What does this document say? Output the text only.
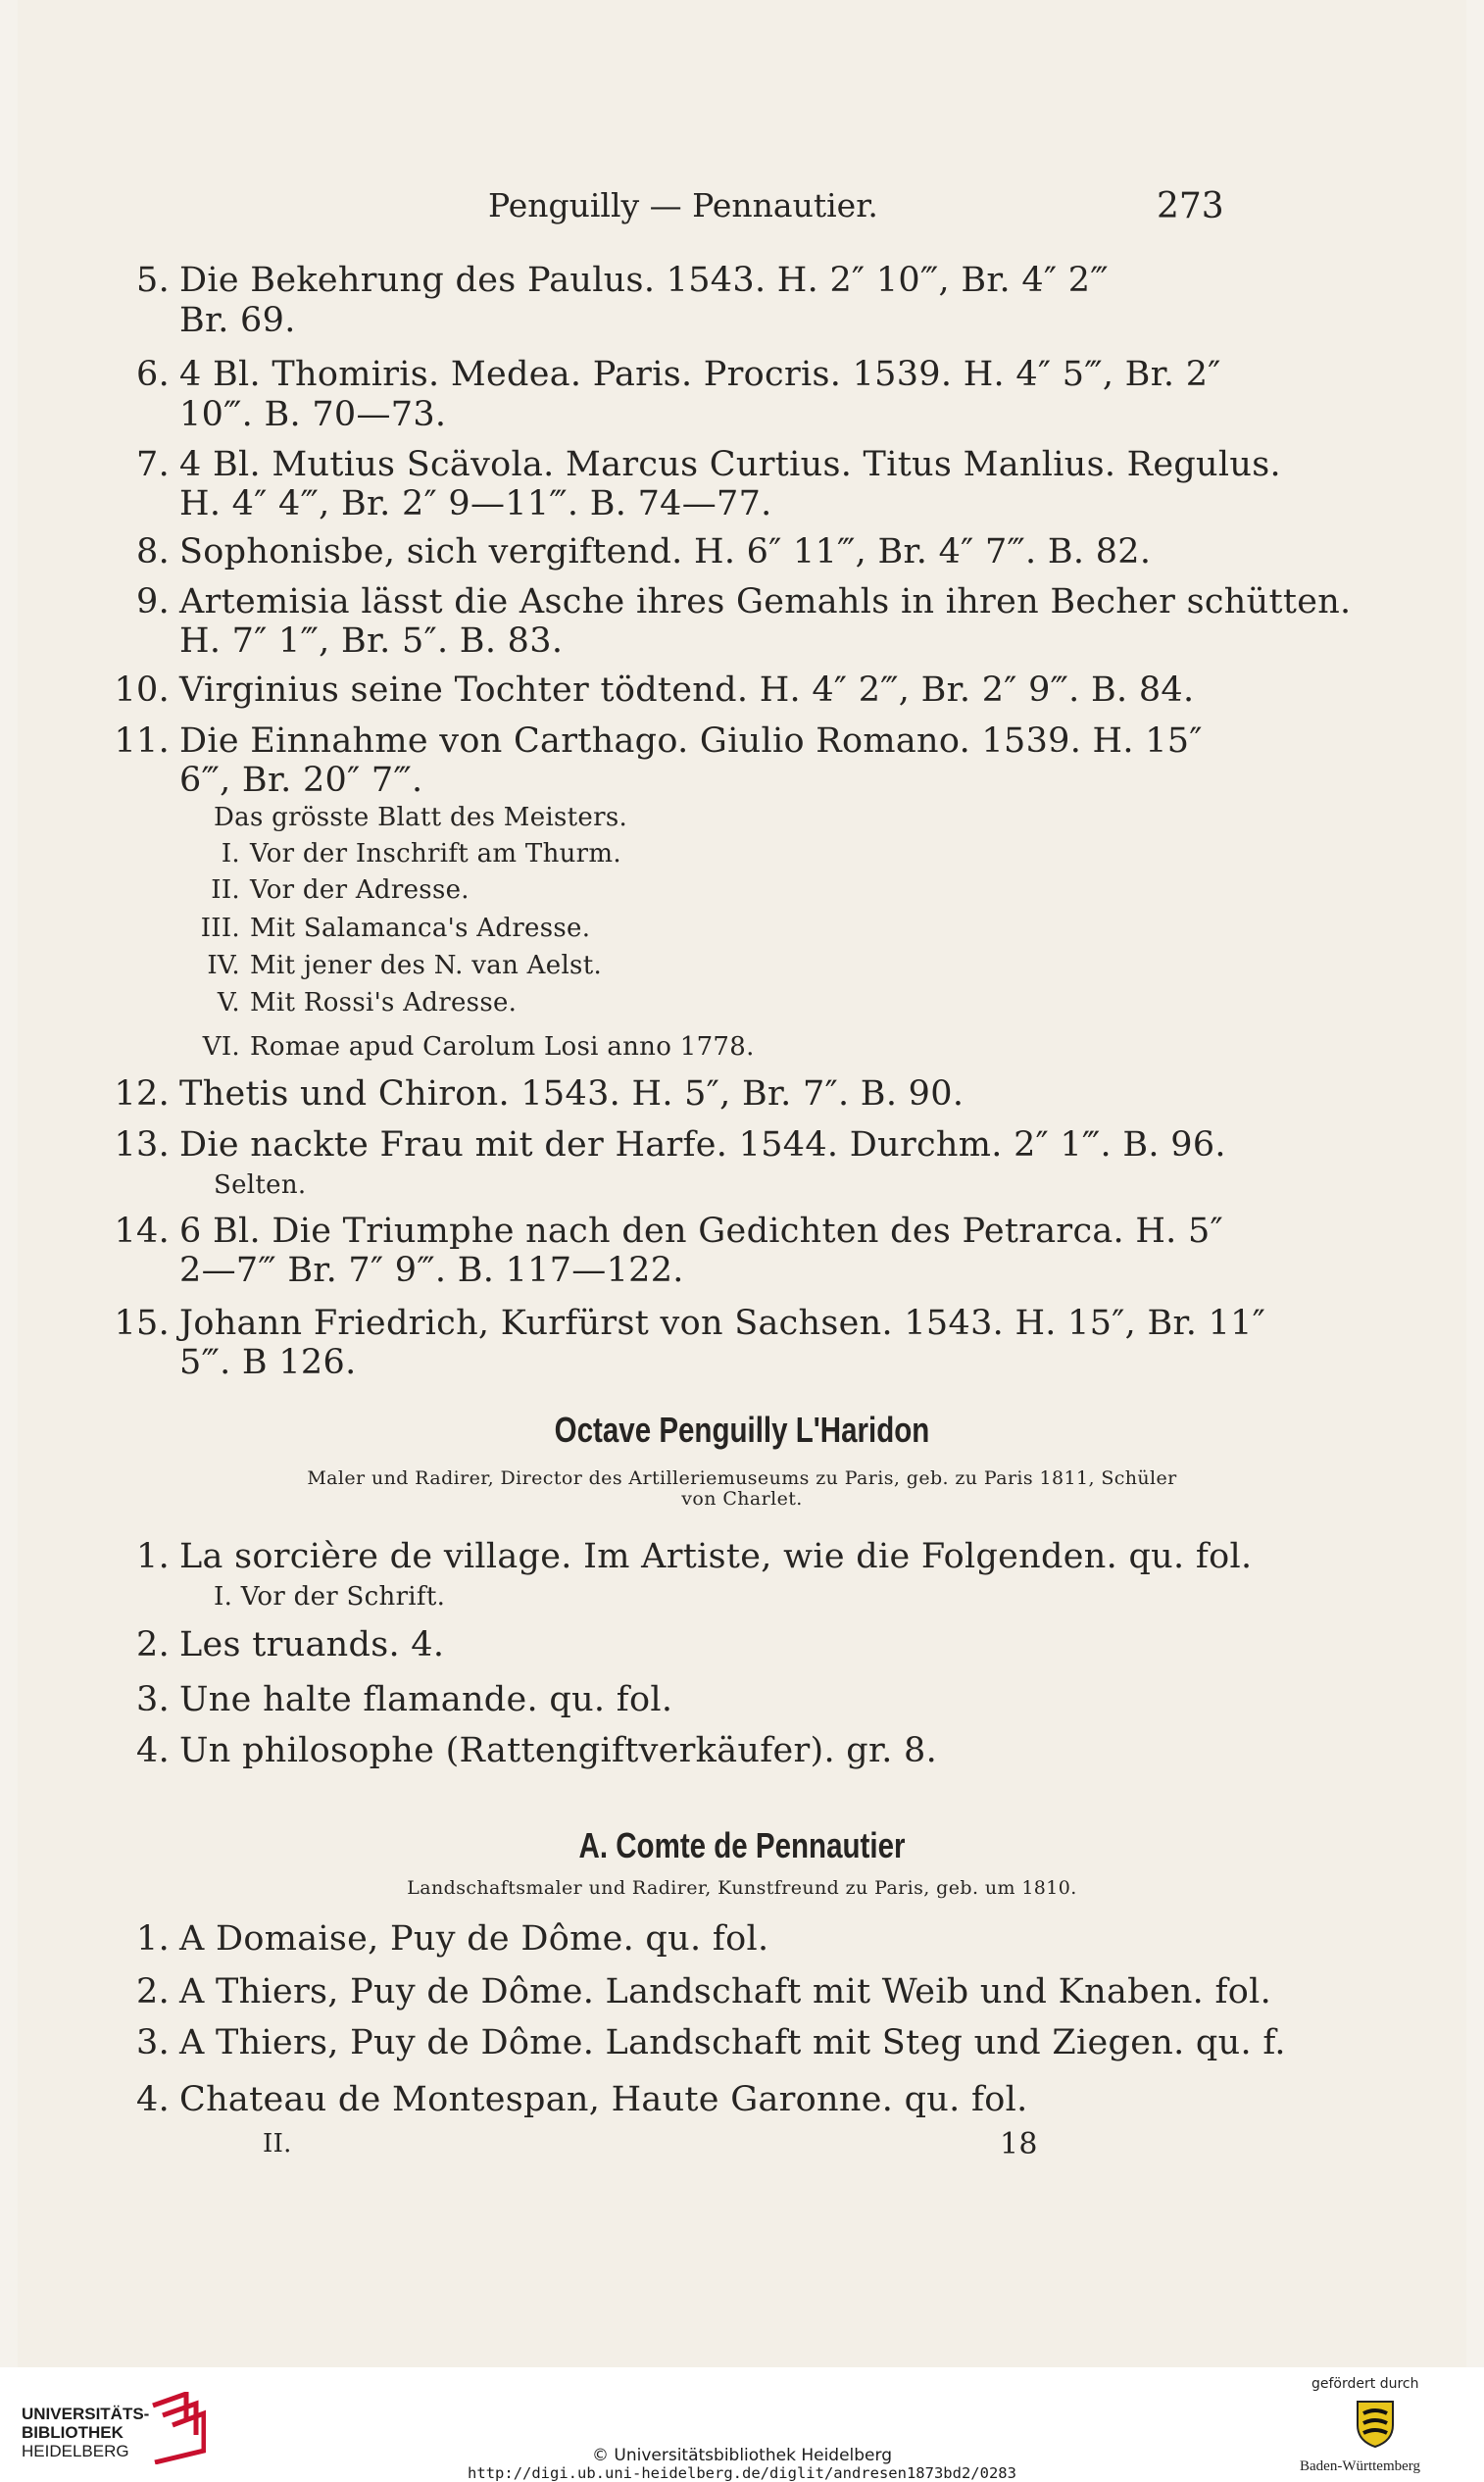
Penguilly — Pennautier.	273
5. Die Bekehrung des Paulus. 1543. H. 2″ 10‴, Br. 4″ 2‴
Br. 69.
6. 4 Bl. Thomiris. Medea. Paris. Procris. 1539. H. 4″ 5‴, Br. 2″
10‴. B. 70—73.
7. 4 Bl. Mutius Scävola. Marcus Curtius. Titus Manlius. Regulus.
H. 4″ 4‴, Br. 2″ 9—11‴. B. 74—77.
8. Sophonisbe, sich vergiftend. H. 6″ 11‴, Br. 4″ 7‴. B. 82.
9. Artemisia lässt die Asche ihres Gemahls in ihren Becher schütten.
H. 7″ 1‴, Br. 5″. B. 83.
10. Virginius seine Tochter tödtend. H. 4″ 2‴, Br. 2″ 9‴. B. 84.
11. Die Einnahme von Carthago. Giulio Romano. 1539. H. 15″
6‴, Br. 20″ 7‴.
Das grösste Blatt des Meisters.
I. Vor der Inschrift am Thurm.
II. Vor der Adresse.
III. Mit Salamanca's Adresse.
IV. Mit jener des N. van Aelst.
V. Mit Rossi's Adresse.
VI. Romae apud Carolum Losi anno 1778.
12. Thetis und Chiron. 1543. H. 5″, Br. 7″. B. 90.
13. Die nackte Frau mit der Harfe. 1544. Durchm. 2″ 1‴. B. 96.
Selten.
14. 6 Bl. Die Triumphe nach den Gedichten des Petrarca. H. 5″
2—7‴ Br. 7″ 9‴. B. 117—122.
15. Johann Friedrich, Kurfürst von Sachsen. 1543. H. 15″, Br. 11″
5‴. B 126.
Octave Penguilly L'Haridon
Maler und Radirer, Director des Artilleriemuseums zu Paris, geb. zu Paris 1811, Schüler
von Charlet.
1. La sorcière de village. Im Artiste, wie die Folgenden. qu. fol.
I. Vor der Schrift.
2. Les truands. 4.
3. Une halte flamande. qu. fol.
4. Un philosophe (Rattengiftverkäufer). gr. 8.
A. Comte de Pennautier
Landschaftsmaler und Radirer, Kunstfreund zu Paris, geb. um 1810.
1. A Domaise, Puy de Dôme. qu. fol.
2. A Thiers, Puy de Dôme. Landschaft mit Weib und Knaben. fol.
3. A Thiers, Puy de Dôme. Landschaft mit Steg und Ziegen. qu. f.
4. Chateau de Montespan, Haute Garonne. qu. fol.
II.	18
UNIVERSITÄTS-
BIBLIOTHEK
HEIDELBERG	© Universitätsbibliothek Heidelberg
http://digi.ub.uni-heidelberg.de/diglit/andresen1873bd2/0283
gefördert durch
Baden-Württemberg
